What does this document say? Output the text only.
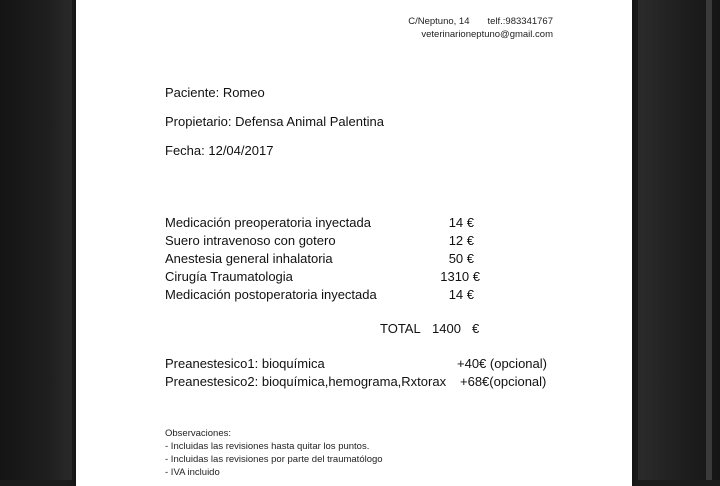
C/Neptuno, 14 telf.:983341767
veterinarioneptuno@gmail.com
Paciente: Romeo
Propietario: Defensa Animal Palentina
Fecha: 12/04/2017
Medicación preoperatoria inyectada	14 €
Suero intravenoso con gotero	12 €
Anestesia general inhalatoria	50 €
Cirugía Traumatologia	1310 €
Medicación postoperatoria inyectada	14 €
TOTAL 1400 €
Preanestesico1: bioquímica	+40€ (opcional)
Preanestesico2: bioquímica,hemograma,Rxtorax +68€(opcional)
Observaciones:
- Incluidas las revisiones hasta quitar los puntos.
- Incluidas las revisiones por parte del traumatólogo
- IVA incluido
